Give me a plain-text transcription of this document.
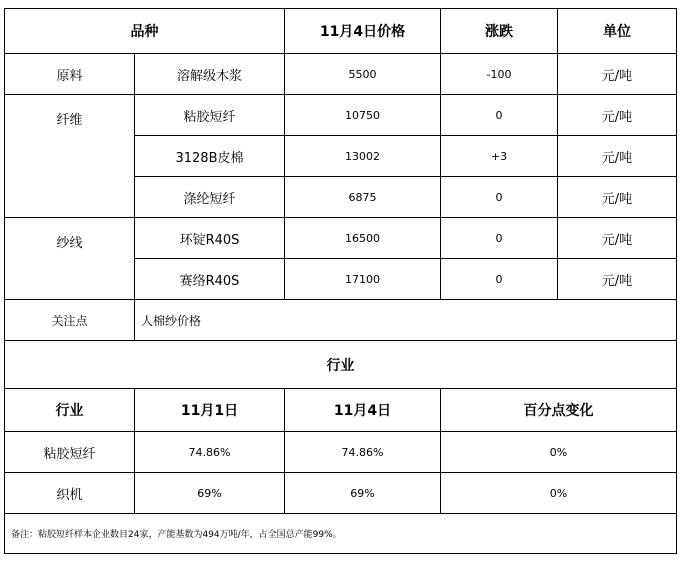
品种		11月4日价格	涨跌	单位
原料	溶解级木浆	5500	-100	元/吨
纤维	粘胶短纤	10750	0	元/吨
	3128B皮棉	13002	+3	元/吨
	涤纶短纤	6875	0	元/吨
纱线	环锭R40S	16500	0	元/吨
	赛络R40S	17100	0	元/吨
关注点	人棉纱价格			
行业				
行业	11月1日	11月4日	百分点变化	
粘胶短纤	74.86%	74.86%	0%	
织机	69%	69%	0%	
备注：粘胶短纤样本企业数目24家，产能基数为494万吨/年，占全国总产能99%。				
